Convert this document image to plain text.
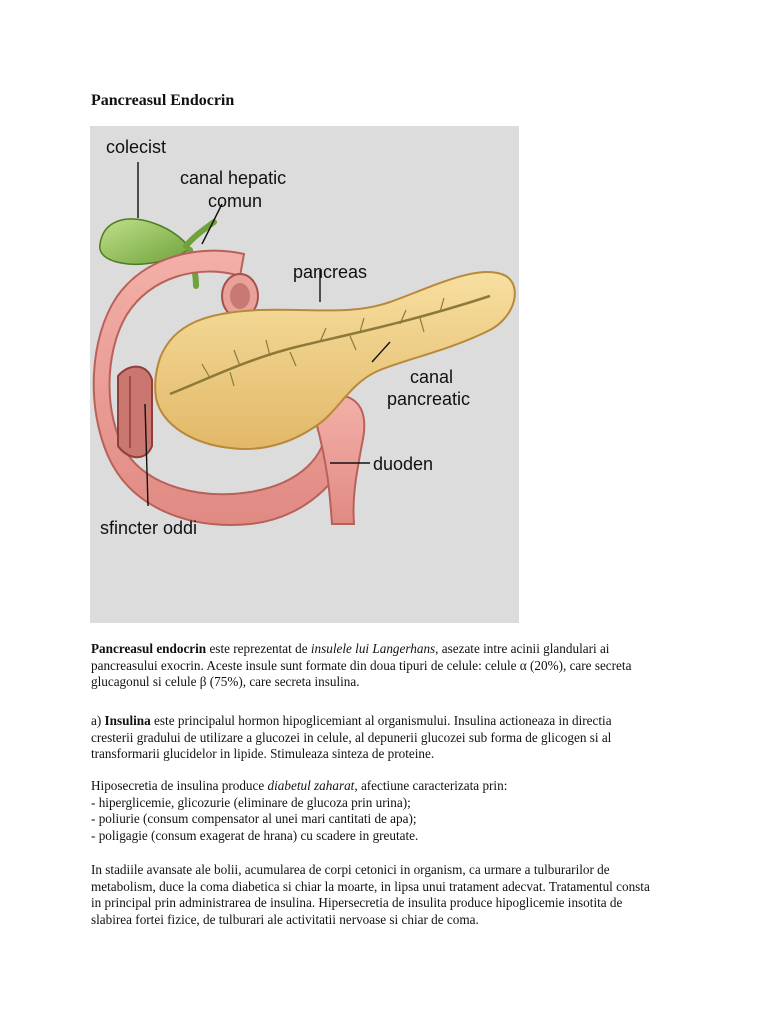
Pancreasul Endocrin
colecist
canal hepatic
comun
pancreas
canal
pancreatic
duoden
sfincter oddi
Pancreasul endocrin este reprezentat de insulele lui Langerhans, asezate intre acinii glandulari ai
pancreasului exocrin. Aceste insule sunt formate din doua tipuri de celule: celule α (20%), care secreta
glucagonul si celule β (75%), care secreta insulina.
a) Insulina este principalul hormon hipoglicemiant al organismului. Insulina actioneaza in directia
cresterii gradului de utilizare a glucozei in celule, al depunerii glucozei sub forma de glicogen si al
transformarii glucidelor in lipide. Stimuleaza sinteza de proteine.
Hiposecretia de insulina produce diabetul zaharat, afectiune caracterizata prin:
- hiperglicemie, glicozurie (eliminare de glucoza prin urina);
- poliurie (consum compensator al unei mari cantitati de apa);
- poligagie (consum exagerat de hrana) cu scadere in greutate.
In stadiile avansate ale bolii, acumularea de corpi cetonici in organism, ca urmare a tulburarilor de
metabolism, duce la coma diabetica si chiar la moarte, in lipsa unui tratament adecvat. Tratamentul consta
in principal prin administrarea de insulina. Hipersecretia de insulita produce hipoglicemie insotita de
slabirea fortei fizice, de tulburari ale activitatii nervoase si chiar de coma.
